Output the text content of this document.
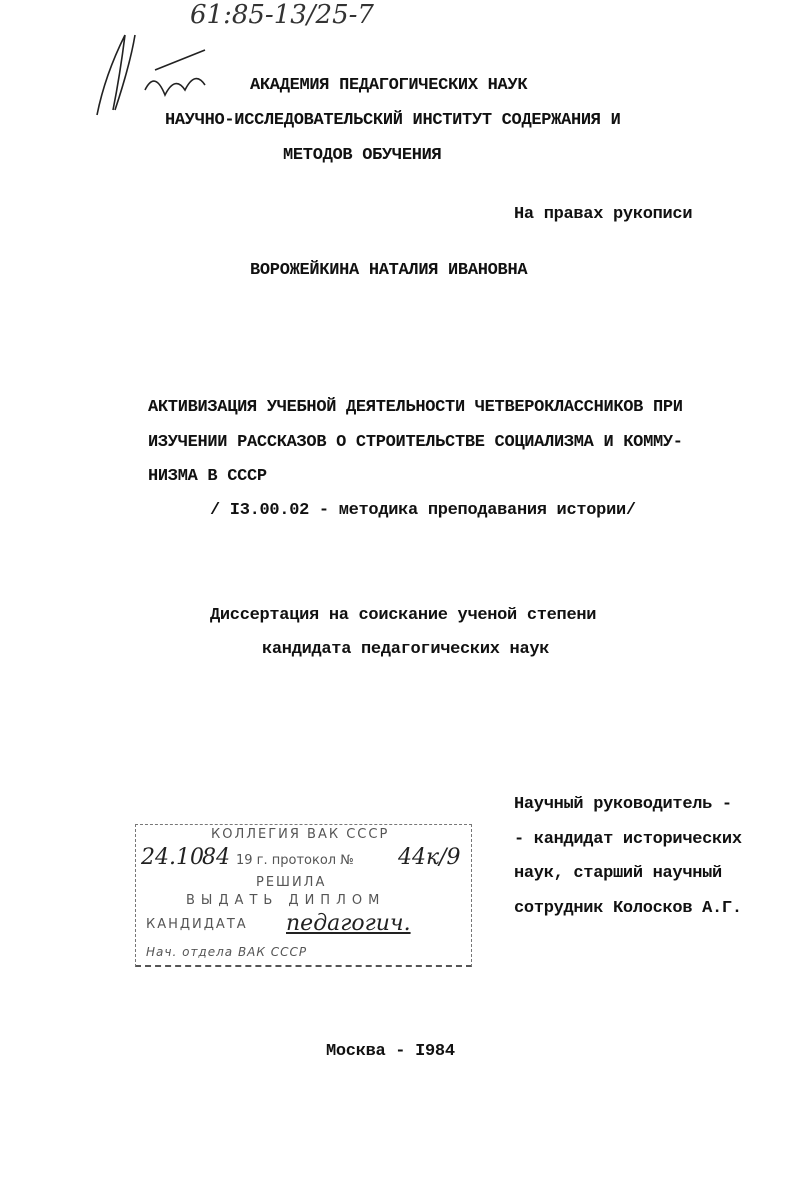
61:85-13/25-7
АКАДЕМИЯ ПЕДАГОГИЧЕСКИХ НАУК
НАУЧНО-ИССЛЕДОВАТЕЛЬСКИЙ ИНСТИТУТ СОДЕРЖАНИЯ И
МЕТОДОВ ОБУЧЕНИЯ
На правах рукописи
ВОРОЖЕЙКИНА НАТАЛИЯ ИВАНОВНА
АКТИВИЗАЦИЯ УЧЕБНОЙ ДЕЯТЕЛЬНОСТИ ЧЕТВЕРОКЛАССНИКОВ ПРИ
ИЗУЧЕНИИ РАССКАЗОВ О СТРОИТЕЛЬСТВЕ СОЦИАЛИЗМА И КОММУ-
НИЗМА В СССР
/ I3.00.02 - методика преподавания истории/
Диссертация на соискание ученой степени
кандидата педагогических наук
Научный руководитель -
- кандидат исторических
наук, старший научный
сотрудник Колосков А.Г.
КОЛЛЕГИЯ ВАК СССР
24.10
84 19 г. протокол № 44к/9
РЕШИЛА
ВЫДАТЬ ДИПЛОМ
КАНДИДАТА педагогич.
Нач. отдела ВАК СССР
Москва - I984
